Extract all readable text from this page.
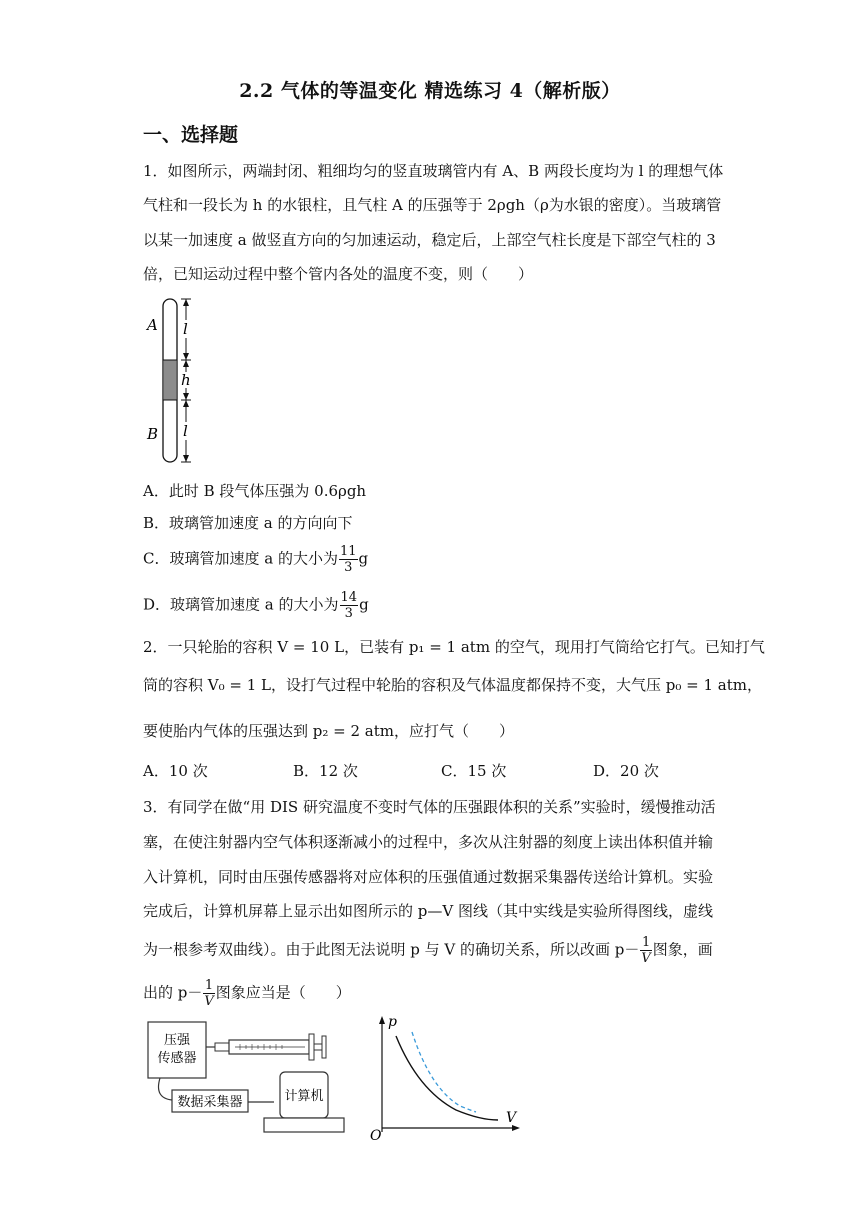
2.2 气体的等温变化 精选练习 4（解析版）
一、选择题
1．如图所示，两端封闭、粗细均匀的竖直玻璃管内有 A、B 两段长度均为 l 的理想气体
气柱和一段长为 h 的水银柱，且气柱 A 的压强等于 2ρgh（ρ为水银的密度）。当玻璃管
以某一加速度 a 做竖直方向的匀加速运动，稳定后，上部空气柱长度是下部空气柱的 3
倍，已知运动过程中整个管内各处的温度不变，则（　　）
A
B
l
h
l
A．此时 B 段气体压强为 0.6ρgh
B．玻璃管加速度 a 的方向向下
C．玻璃管加速度 a 的大小为 $\frac{11}{3}$ g
D．玻璃管加速度 a 的大小为 $\frac{14}{3}$ g
2．一只轮胎的容积 V = 10 L，已装有 p₁ = 1 atm 的空气，现用打气筒给它打气。已知打气
筒的容积 V₀ = 1 L，设打气过程中轮胎的容积及气体温度都保持不变，大气压 p₀ = 1 atm，
要使胎内气体的压强达到 p₂ = 2 atm，应打气（　　）
A．10 次	B．12 次	C．15 次	D．20 次
3．有同学在做“用 DIS 研究温度不变时气体的压强跟体积的关系”实验时，缓慢推动活
塞，在使注射器内空气体积逐渐减小的过程中，多次从注射器的刻度上读出体积值并输
入计算机，同时由压强传感器将对应体积的压强值通过数据采集器传送给计算机。实验
完成后，计算机屏幕上显示出如图所示的 p—V 图线（其中实线是实验所得图线，虚线
为一根参考双曲线）。由于此图无法说明 p 与 V 的确切关系，所以改画 $p- \frac{1}{V}$ 图象，画
出的 $p- \frac{1}{V}$ 图象应当是（　　）
压强
传感器
数据采集器	计算机
p
V
O
